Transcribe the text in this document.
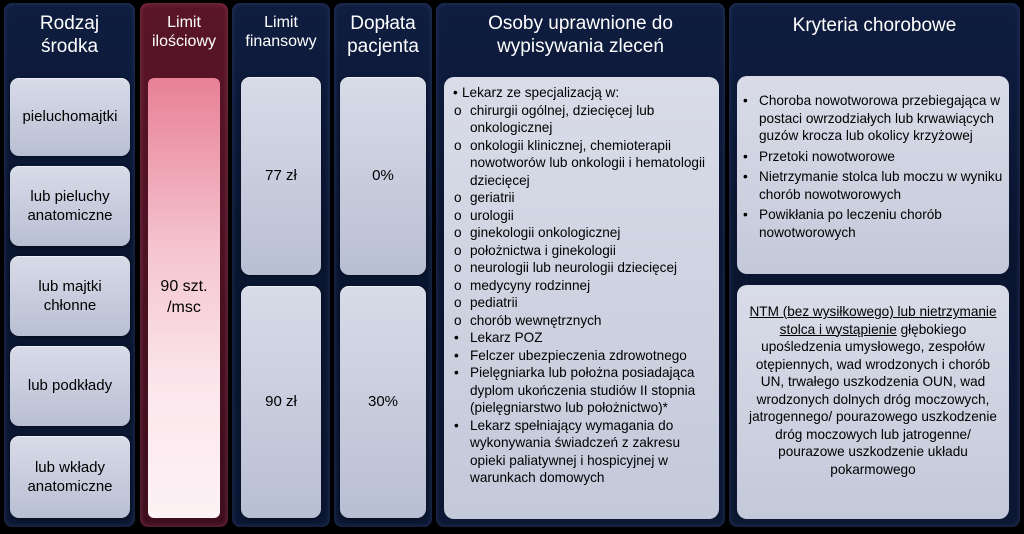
Rodzaj środka
pieluchomajtki
lub pieluchy anatomiczne
lub majtki chłonne
lub podkłady
lub wkłady anatomiczne
Limit ilościowy
90 szt. /msc
Limit finansowy
77 zł
90 zł
Dopłata pacjenta
0%
30%
Osoby uprawnione do wypisywania zleceń
• Lekarz ze specjalizacją w:
o chirurgii ogólnej, dziecięcej lub onkologicznej
o onkologii klinicznej, chemioterapii nowotworów lub onkologii i hematologii dziecięcej
o geriatrii
o urologii
o ginekologii onkologicznej
o położnictwa i ginekologii
o neurologii lub neurologii dziecięcej
o medycyny rodzinnej
o pediatrii
o chorób wewnętrznych
• Lekarz POZ
• Felczer ubezpieczenia zdrowotnego
• Pielęgniarka lub położna posiadająca dyplom ukończenia studiów II stopnia (pielęgniarstwo lub położnictwo)*
• Lekarz spełniający wymagania do wykonywania świadczeń z zakresu opieki paliatywnej i hospicyjnej w warunkach domowych
Kryteria chorobowe
• Choroba nowotworowa przebiegająca w postaci owrzodziałych lub krwawiących guzów krocza lub okolicy krzyżowej
• Przetoki nowotworowe
• Nietrzymanie stolca lub moczu w wyniku chorób nowotworowych
• Powikłania po leczeniu chorób nowotworowych
NTM (bez wysiłkowego) lub nietrzymanie stolca i wystąpienie głębokiego upośledzenia umysłowego, zespołów otępiennych, wad wrodzonych i chorób UN, trwałego uszkodzenia OUN, wad wrodzonych dolnych dróg moczowych, jatrogennego/ pourazowego uszkodzenie dróg moczowych lub jatrogenne/ pourazowe uszkodzenie układu pokarmowego
